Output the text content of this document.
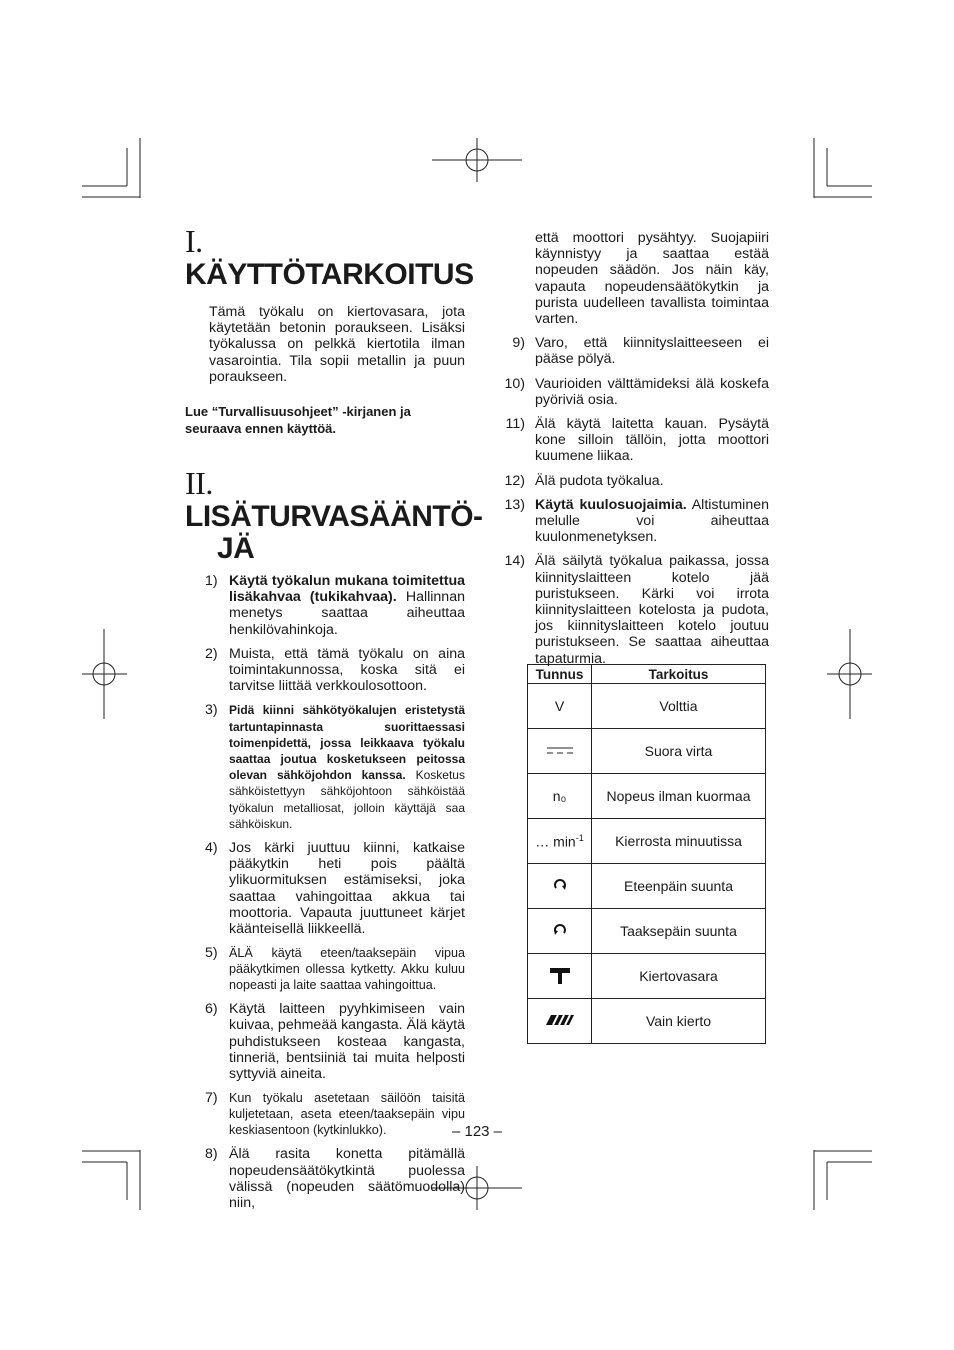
I. KÄYTTÖTARKOITUS
Tämä työkalu on kiertovasara, jota käytetään betonin poraukseen. Lisäksi työkalussa on pelkkä kiertotila ilman vasarointia. Tila sopii metallin ja puun poraukseen.
Lue “Turvallisuusohjeet” -kirjanen ja seuraava ennen käyttöä.
II. LISÄTURVASÄÄNTÖ-
JÄ
1) Käytä työkalun mukana toimitettua lisäkahvaa (tukikahvaa). Hallinnan menetys saattaa aiheuttaa henkilövahinkoja.
2) Muista, että tämä työkalu on aina toimintakunnossa, koska sitä ei tarvitse liittää verkkoulosottoon.
3) Pidä kiinni sähkötyökalujen eristetystä tartuntapinnasta suorittaessasi toimenpidettä, jossa leikkaava työkalu saattaa joutua kosketukseen peitossa olevan sähköjohdon kanssa. Kosketus sähköistettyyn sähköjohtoon sähköistää työkalun metalliosat, jolloin käyttäjä saa sähköiskun.
4) Jos kärki juuttuu kiinni, katkaise pääkytkin heti pois päältä ylikuormituksen estämiseksi, joka saattaa vahingoittaa akkua tai moottoria. Vapauta juuttuneet kärjet käänteisellä liikkeellä.
5) ÄLÄ käytä eteen/taaksepäin vipua pääkytkimen ollessa kytketty. Akku kuluu nopeasti ja laite saattaa vahingoittua.
6) Käytä laitteen pyyhkimiseen vain kuivaa, pehmeää kangasta. Älä käytä puhdistukseen kosteaa kangasta, tinneriä, bentsiiniä tai muita helposti syttyviä aineita.
7) Kun työkalu asetetaan säilöön taisitä kuljetetaan, aseta eteen/taaksepäin vipu keskiasentoon (kytkinlukko).
8) Älä rasita konetta pitämällä nopeudensäätökytkintä puolessa välissä (nopeuden säätömuodolla) niin,
että moottori pysähtyy. Suojapiiri käynnistyy ja saattaa estää nopeuden säädön. Jos näin käy, vapauta nopeudensäätökytkin ja purista uudelleen tavallista toimintaa varten.
9) Varo, että kiinnityslaitteeseen ei pääse pölyä.
10) Vaurioiden välttämideksi älä koskefa pyöriviä osia.
11) Älä käytä laitetta kauan. Pysäytä kone silloin tällöin, jotta moottori kuumene liikaa.
12) Älä pudota työkalua.
13) Käytä kuulosuojaimia. Altistuminen melulle voi aiheuttaa kuulonmenetyksen.
14) Älä säilytä työkalua paikassa, jossa kiinnityslaitteen kotelo jää puristukseen. Kärki voi irrota kiinnityslaitteen kotelosta ja pudota, jos kiinnityslaitteen kotelo joutuu puristukseen. Se saattaa aiheuttaa tapaturmia.
Tunnus	Tarkoitus
V	Volttia
	Suora virta
n₀	Nopeus ilman kuormaa
… $\min^{-1}$	Kierrosta minuutissa
	Eteenpäin suunta
	Taaksepäin suunta
	Kiertovasara
	Vain kierto
– 123 –
